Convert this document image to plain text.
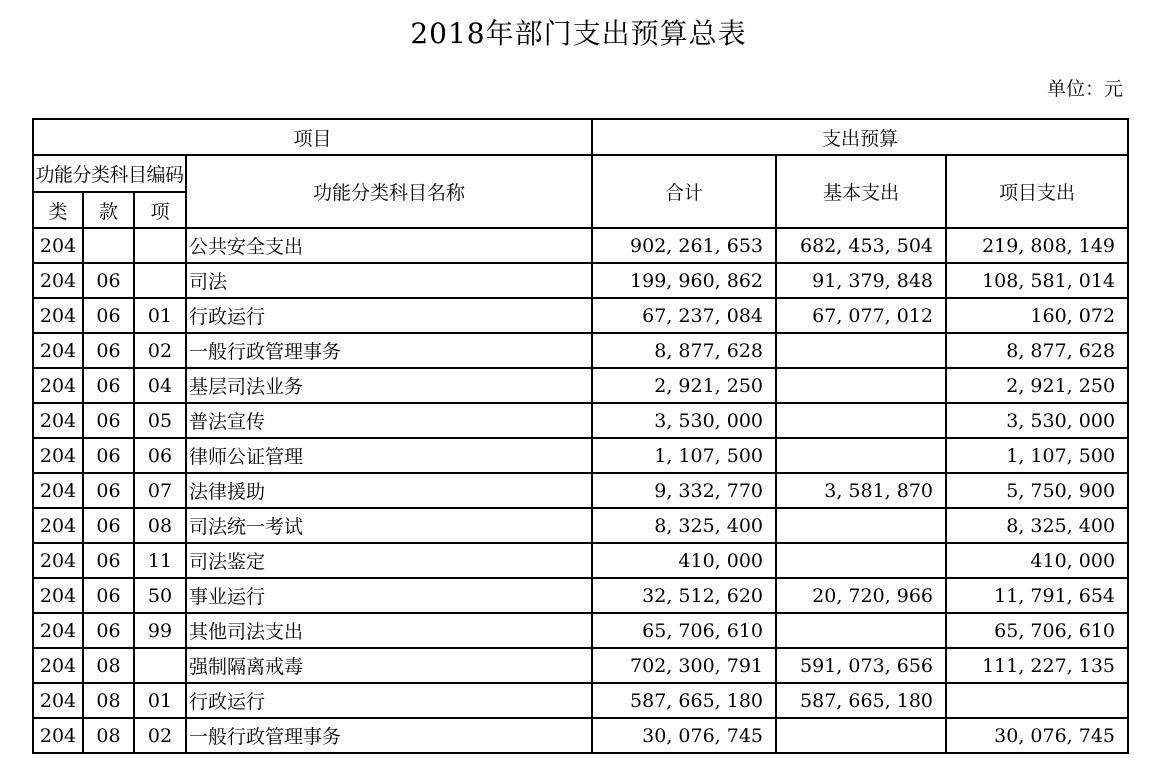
2018年部门支出预算总表
单位：元
项目				支出预算		
功能分类科目编码			功能分类科目名称	合计	基本支出	项目支出
类	款	项				
204			公共安全支出	902, 261, 653	682, 453, 504	219, 808, 149
204	06		司法	199, 960, 862	91, 379, 848	108, 581, 014
204	06	01	行政运行	67, 237, 084	67, 077, 012	160, 072
204	06	02	一般行政管理事务	8, 877, 628		8, 877, 628
204	06	04	基层司法业务	2, 921, 250		2, 921, 250
204	06	05	普法宣传	3, 530, 000		3, 530, 000
204	06	06	律师公证管理	1, 107, 500		1, 107, 500
204	06	07	法律援助	9, 332, 770	3, 581, 870	5, 750, 900
204	06	08	司法统一考试	8, 325, 400		8, 325, 400
204	06	11	司法鉴定	410, 000		410, 000
204	06	50	事业运行	32, 512, 620	20, 720, 966	11, 791, 654
204	06	99	其他司法支出	65, 706, 610		65, 706, 610
204	08		强制隔离戒毒	702, 300, 791	591, 073, 656	111, 227, 135
204	08	01	行政运行	587, 665, 180	587, 665, 180	
204	08	02	一般行政管理事务	30, 076, 745		30, 076, 745
